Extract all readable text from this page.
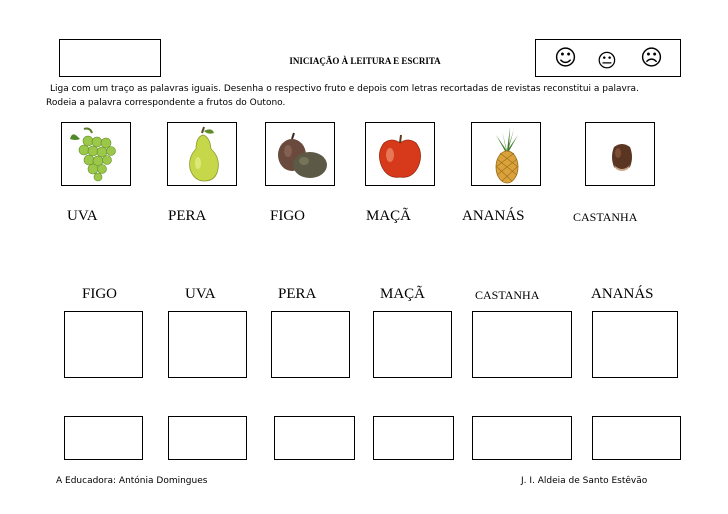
INICIAÇÃO À LEITURA E ESCRITA	☺ 😐 ☹
Liga com um traço as palavras iguais. Desenha o respectivo fruto e depois com letras recortadas de revistas reconstitui a palavra.
Rodeia a palavra correspondente a frutos do Outono.
UVA	PERA	FIGO	MAÇÃ	ANANÁS	CASTANHA
FIGO	UVA	PERA	MAÇÃ	CASTANHA	ANANÁS
A Educadora: Antónia Domingues	J. I. Aldeia de Santo Estêvão
